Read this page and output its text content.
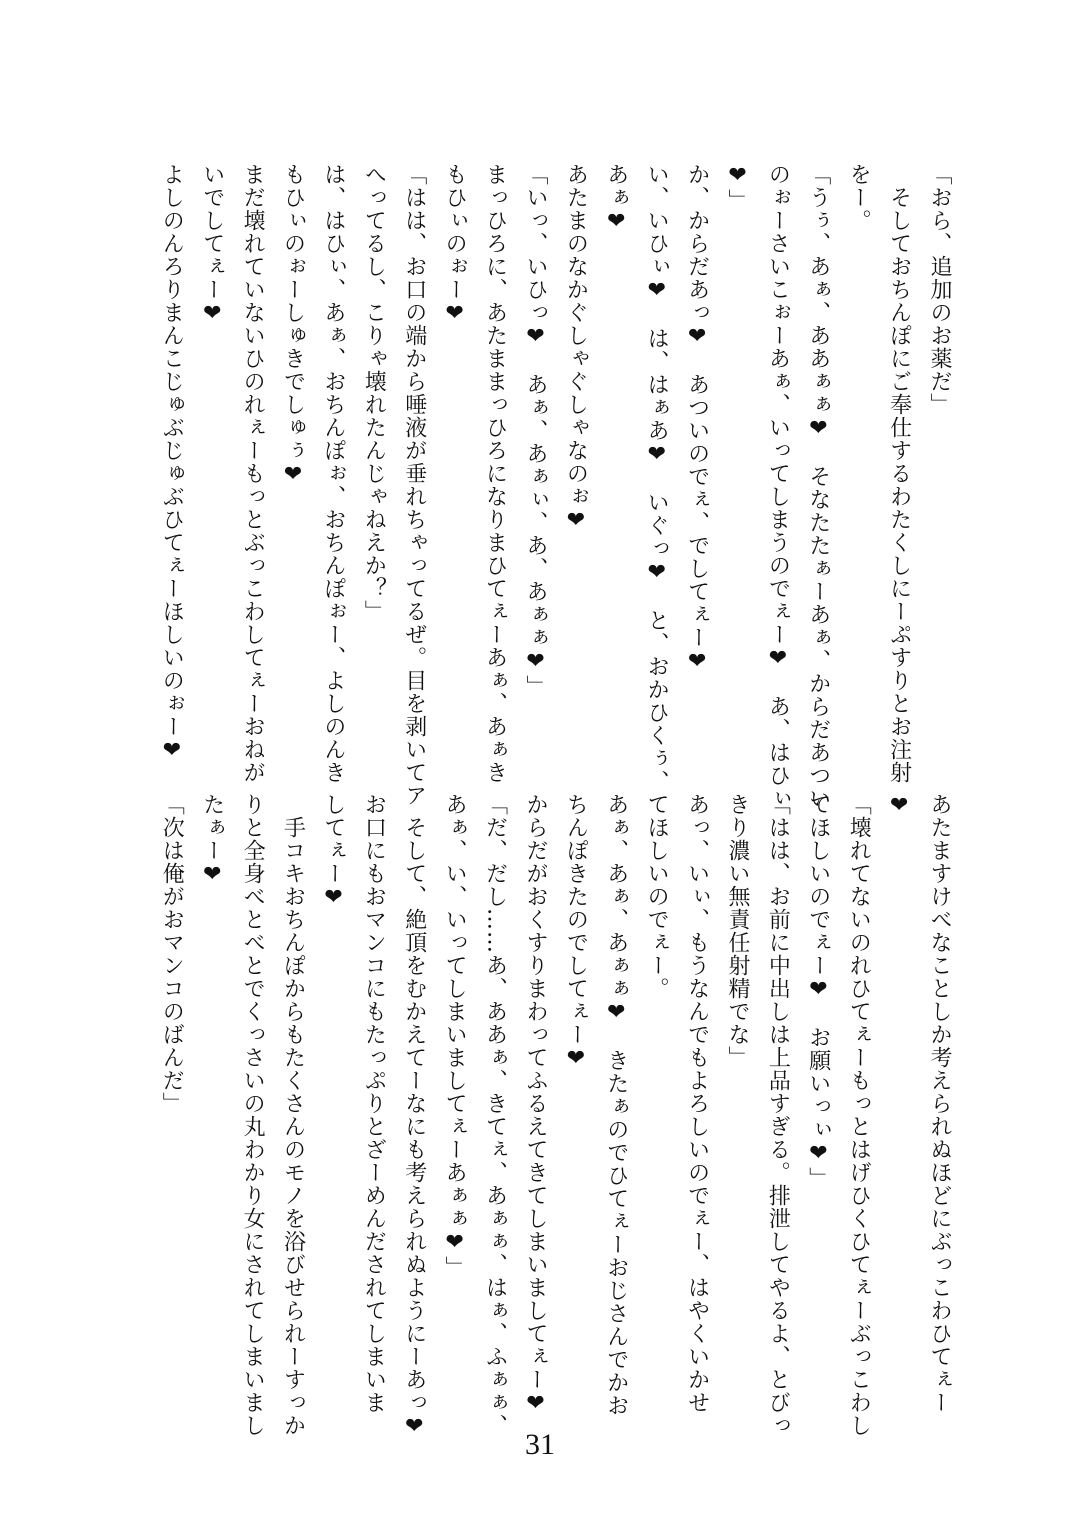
「おら、追加のお薬だ」

　そしておちんぽにご奉仕するわたくしにーぷすりとお注射

をー。

「うぅ、あぁ、ああぁぁ❤　そなたたぁーあぁ、からだあつい

のぉーさいこぉーあぁ、いってしまうのでぇー❤　あ、はひぃ

❤」

か、からだあっ❤　あついのでぇ、でしてぇー❤

い、いひぃ❤　は、はぁあ❤　いぐっ❤　と、おかひくぅ、

あぁ❤

あたまのなかぐしゃぐしゃなのぉ❤

「いっ、いひっ❤　あぁ、あぁぃ、あ、あぁぁ❤」

まっひろに、あたままっひろになりまひてぇーあぁ、あぁき

もひぃのぉー❤

「はは、お口の端から唾液が垂れちゃってるぜ。目を剥いてア

へってるし、こりゃ壊れたんじゃねえか？」

は、はひぃ、あぁ、おちんぽぉ、おちんぽぉー、よしのんき

もひぃのぉーしゅきでしゅぅ❤

まだ壊れていないひのれぇーもっとぶっこわしてぇーおねが

いでしてぇー❤

よしのんろりまんこじゅぶじゅぶひてぇーほしいのぉー❤

あたますけべなことしか考えられぬほどにぶっこわひてぇー

❤

「壊れてないのれひてぇーもっとはげひくひてぇーぶっこわし

てほしいのでぇー❤　お願いっぃ❤」

「はは、お前に中出しは上品すぎる。排泄してやるよ、とびっ

きり濃い無責任射精でな」

あっ、いぃ、もうなんでもよろしいのでぇー、はやくいかせ

てほしいのでぇー。

あぁ、あぁ、あぁぁ❤　きたぁのでひてぇーおじさんでかお

ちんぽきたのでしてぇー❤

からだがおくすりまわってふるえてきてしまいましてぇー❤

「だ、だし……あ、ああぁ、きてぇ、あぁぁ、はぁ、ふぁぁ、

あぁ、い、いってしまいましてぇーあぁぁ❤」

　そして、絶頂をむかえてーなにも考えられぬようにーあっ❤

お口にもおマンコにもたっぷりとざーめんだされてしまいま

してぇー❤

　手コキおちんぽからもたくさんのモノを浴びせられーすっか

りと全身べとべとでくっさいの丸わかり女にされてしまいまし

たぁー❤

「次は俺がおマンコのばんだ」

31
